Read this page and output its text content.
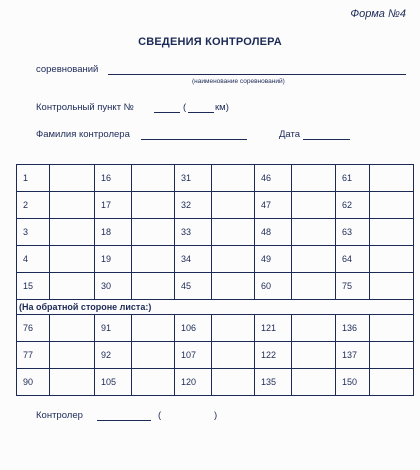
Форма №4
СВЕДЕНИЯ КОНТРОЛЕРА
соревнований
(наименование соревнований)
Контрольный пункт №	(	км)
Фамилия контролера	Дата
1		16		31		46		61	
2		17		32		47		62	
3		18		33		48		63	
4		19		34		49		64	
15		30		45		60		75	
(На обратной стороне листа:)									
76		91		106		121		136	
77		92		107		122		137	
90		105		120		135		150	
Контролер	(	)
